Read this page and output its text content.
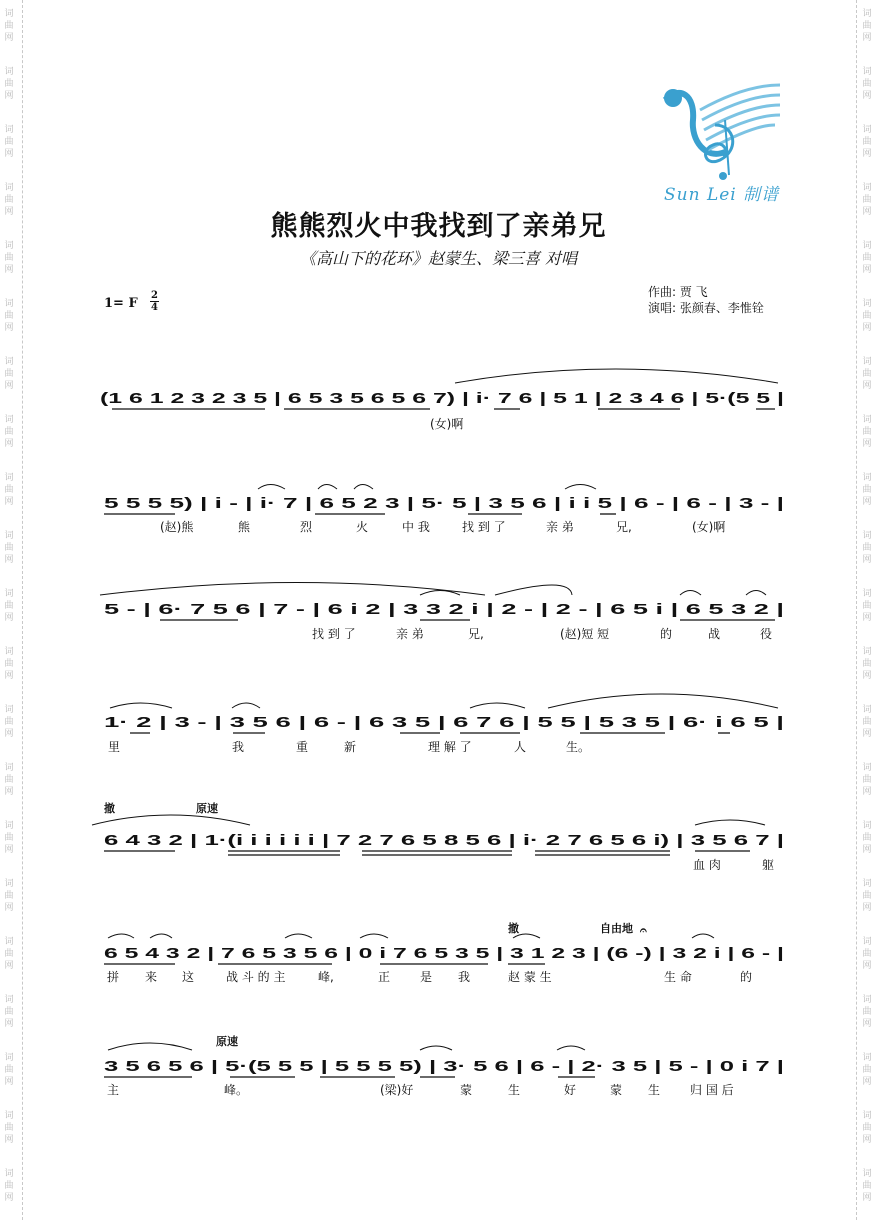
词
曲
网
词
曲
网
词
曲
网
词
曲
网
词
曲
网
词
曲
网
词
曲
网
词
曲
网
词
曲
网
词
曲
网
词
曲
网
词
曲
网
词
曲
网
词
曲
网
词
曲
网
词
曲
网
词
曲
网
词
曲
网
词
曲
网
词
曲
网
词
曲
网
词
曲
网
词
曲
网
词
曲
网
词
曲
网
词
曲
网
词
曲
网
词
曲
网
词
曲
网
词
曲
网
词
曲
网
词
曲
网
词
曲
网
词
曲
网
词
曲
网
词
曲
网
词
曲
网
词
曲
网
词
曲
网
词
曲
网
词
曲
网
词
曲
网
Sun Lei 制谱
熊熊烈火中我找到了亲弟兄
《高山下的花环》赵蒙生、梁三喜 对唱
作曲: 贾 飞
演唱: 张颜春、李惟铨
1= F
2
4
(1 6 1 2 3 2 3 5 | 6 5 3 5 6 5 6 7) | i· 7 6 | 5 1 | 2 3 4 6 | 5·(5 5 |
5 5 5 5) | i - | i· 7 | 6 5 2 3 | 5· 5 | 3 5 6 | i i 5 | 6 - | 6 - | 3 - |
5 - | 6· 7 5 6 | 7 - | 6 i 2 | 3 3 2 i | 2 - | 2 - | 6 5 i | 6 5 3 2 |
1· 2 | 3 - | 3 5 6 | 6 - | 6 3 5 | 6 7 6 | 5 5 | 5 3 5 | 6· i 6 5 |
6 4 3 2 | 1·(i i i i i i | 7 2 7 6 5 8 5 6 | i· 2 7 6 5 6 i) | 3 5 6 7 |
6 5 4 3 2 | 7 6 5 3 5 6 | 0 i 7 6 5 3 5 | 3 1 2 3 | (6 -) | 3 2 i | 6 - |
3 5 6 5 6 | 5·(5 5 5 | 5 5 5 5) | 3· 5 6 | 6 - | 2· 3 5 | 5 - | 0 i 7 |
(女)啊
(赵)熊	熊	烈	火	中 我	找 到 了	亲 弟	兄,	(女)啊
找 到 了	亲 弟	兄,	(赵)短 短	的	战	役
里	我	重	新	理 解 了	人	生。
血 肉	躯
拼 来 这	战 斗 的 主	峰,	正 是 我	赵 蒙 生	生 命	的
主	峰。	(梁)好	蒙	生	好	蒙 生 归 国 后
撤	原速
撤	自由地
原速
𝄐
